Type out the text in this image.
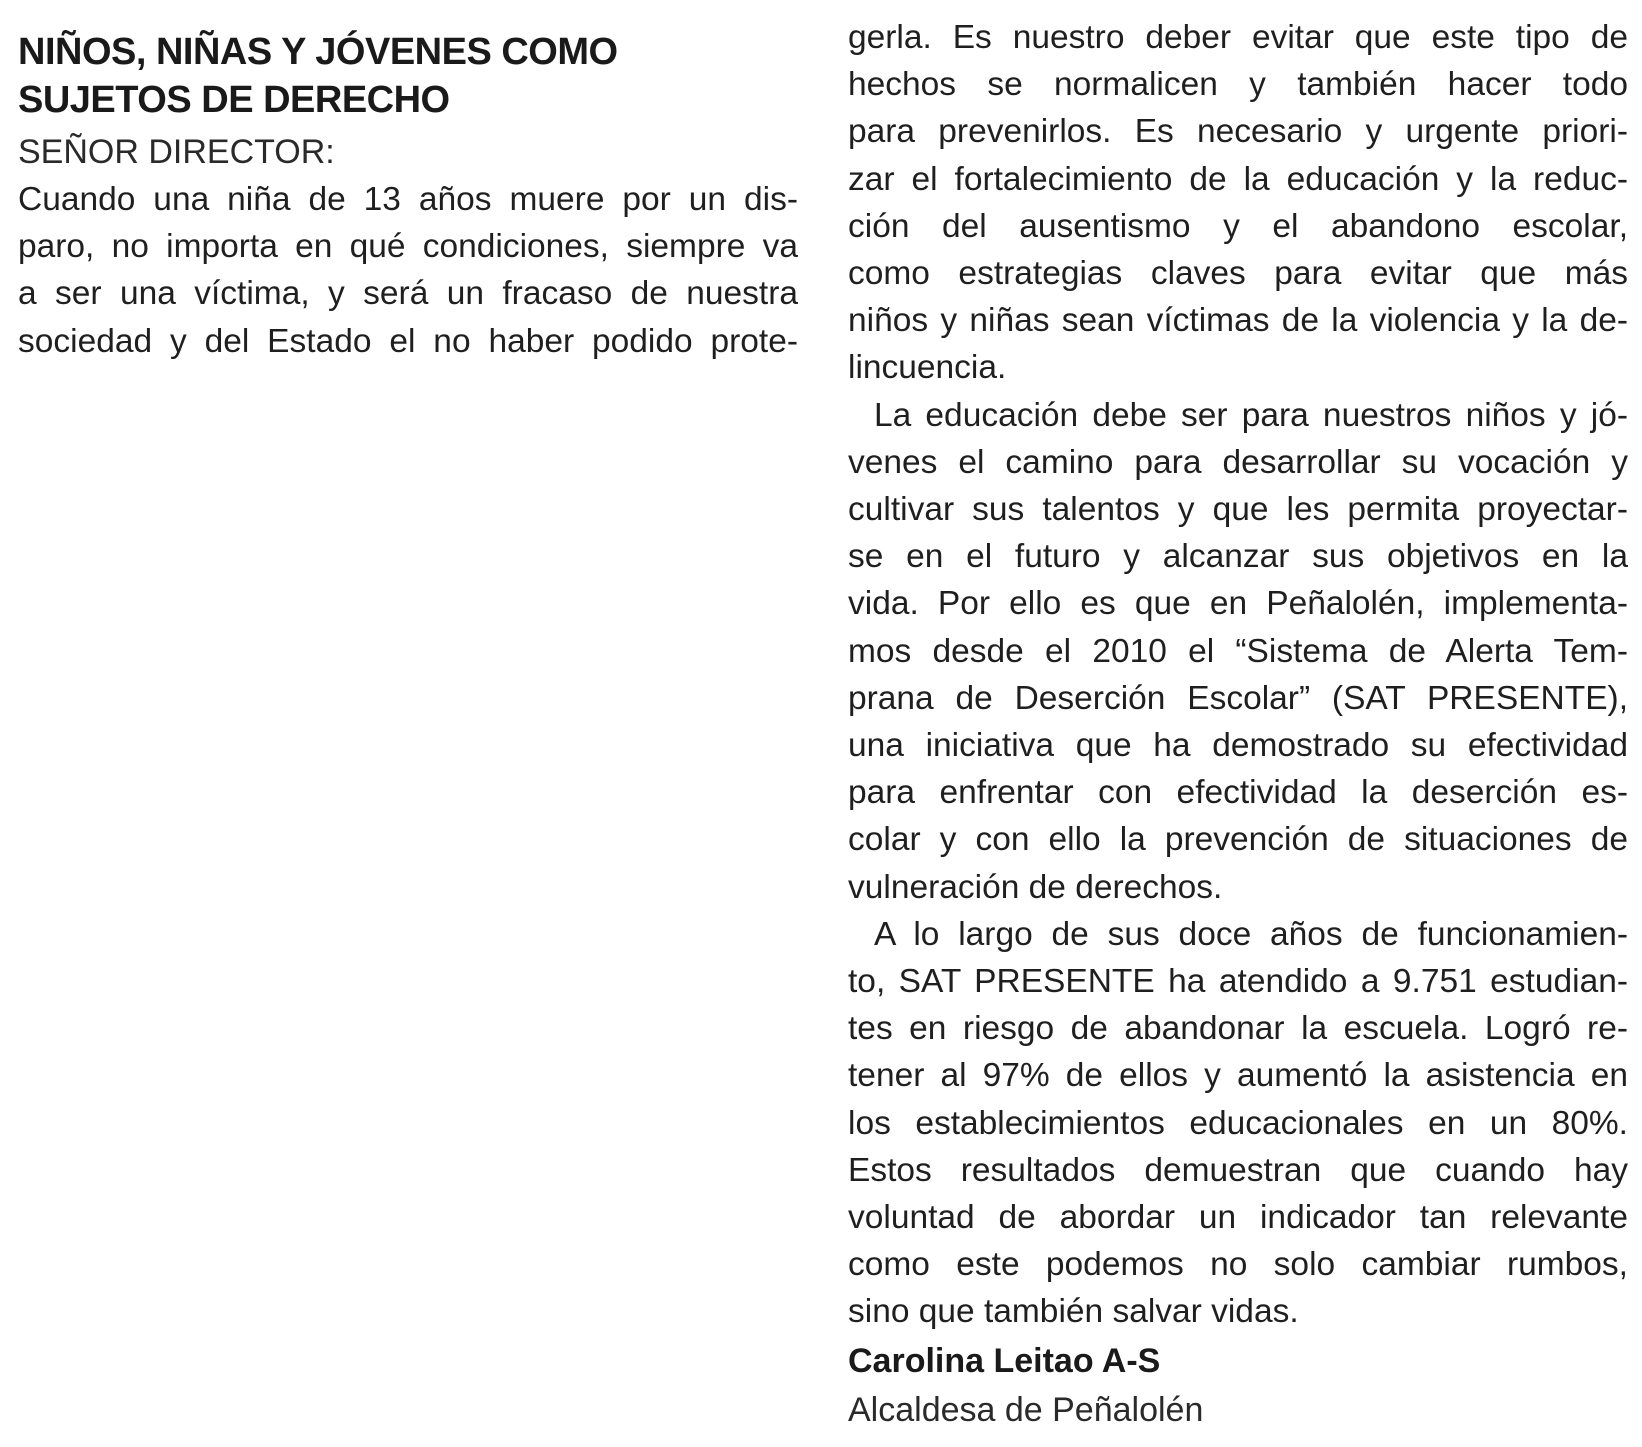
NIÑOS, NIÑAS Y JÓVENES COMO
SUJETOS DE DERECHO

SEÑOR DIRECTOR:

Cuando una niña de 13 años muere por un dis-
paro, no importa en qué condiciones, siempre va
a ser una víctima, y será un fracaso de nuestra
sociedad y del Estado el no haber podido prote-
gerla. Es nuestro deber evitar que este tipo de
hechos se normalicen y también hacer todo
para prevenirlos. Es necesario y urgente priori-
zar el fortalecimiento de la educación y la reduc-
ción del ausentismo y el abandono escolar,
como estrategias claves para evitar que más
niños y niñas sean víctimas de la violencia y la de-
lincuencia.
La educación debe ser para nuestros niños y jó-
venes el camino para desarrollar su vocación y
cultivar sus talentos y que les permita proyectar-
se en el futuro y alcanzar sus objetivos en la
vida. Por ello es que en Peñalolén, implementa-
mos desde el 2010 el “Sistema de Alerta Tem-
prana de Deserción Escolar” (SAT PRESENTE),
una iniciativa que ha demostrado su efectividad
para enfrentar con efectividad la deserción es-
colar y con ello la prevención de situaciones de
vulneración de derechos.
A lo largo de sus doce años de funcionamien-
to, SAT PRESENTE ha atendido a 9.751 estudian-
tes en riesgo de abandonar la escuela. Logró re-
tener al 97% de ellos y aumentó la asistencia en
los establecimientos educacionales en un 80%.
Estos resultados demuestran que cuando hay
voluntad de abordar un indicador tan relevante
como este podemos no solo cambiar rumbos,
sino que también salvar vidas.
Carolina Leitao A-S
Alcaldesa de Peñalolén
